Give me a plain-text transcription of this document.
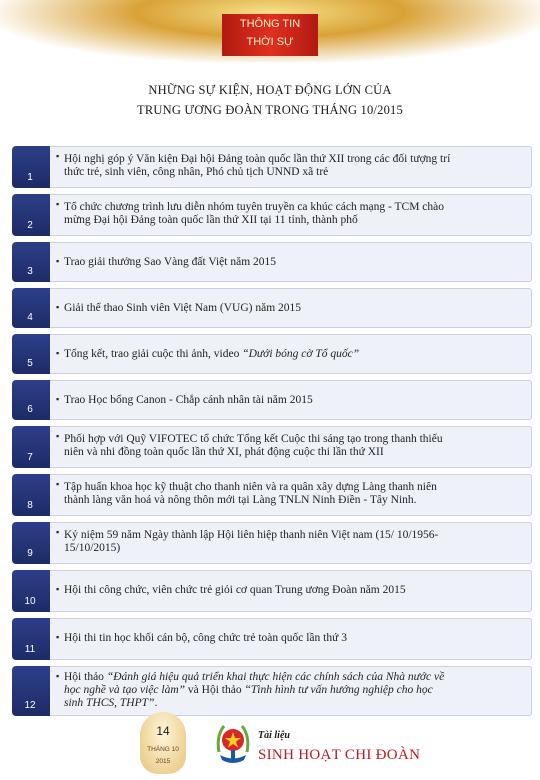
THÔNG TIN
THỜI SỰ
NHỮNG SỰ KIỆN, HOẠT ĐỘNG LỚN CỦA
TRUNG ƯƠNG ĐOÀN TRONG THÁNG 10/2015
1
▪ Hội nghị góp ý Văn kiện Đại hội Đảng toàn quốc lần thứ XII trong các đối tượng trí
thức trẻ, sinh viên, công nhân, Phó chủ tịch UNND xã trẻ
2
▪ Tổ chức chương trình lưu diễn nhóm tuyên truyền ca khúc cách mạng - TCM chào
mừng Đại hội Đảng toàn quốc lần thứ XII tại 11 tỉnh, thành phố
3
▪ Trao giải thưởng Sao Vàng đất Việt năm 2015
4
▪ Giải thể thao Sinh viên Việt Nam (VUG) năm 2015
5
▪ Tổng kết, trao giải cuộc thi ảnh, video “Dưới bóng cờ Tổ quốc”
6
▪ Trao Học bổng Canon - Chắp cánh nhân tài năm 2015
7
▪ Phối hợp với Quỹ VIFOTEC tổ chức Tổng kết Cuộc thi sáng tạo trong thanh thiếu
niên và nhi đồng toàn quốc lần thứ XI, phát động cuộc thi lần thứ XII
8
▪ Tập huấn khoa học kỹ thuật cho thanh niên và ra quân xây dựng Làng thanh niên
thành làng văn hoá và nông thôn mới tại Làng TNLN Ninh Điền - Tây Ninh.
9
▪ Kỷ niệm 59 năm Ngày thành lập Hội liên hiệp thanh niên Việt nam (15/ 10/1956-
15/10/2015)
10
▪ Hội thi công chức, viên chức trẻ giỏi cơ quan Trung ương Đoàn năm 2015
11
▪ Hội thi tin học khối cán bộ, công chức trẻ toàn quốc lần thứ 3
12
▪ Hội thảo “Đánh giá hiệu quả triển khai thực hiện các chính sách của Nhà nước về
học nghề và tạo việc làm” và Hội thảo “Tình hình tư vấn hướng nghiệp cho học
sinh THCS, THPT”.
14
THÁNG 10
2015
Tài liệu
SINH HOẠT CHI ĐOÀN
